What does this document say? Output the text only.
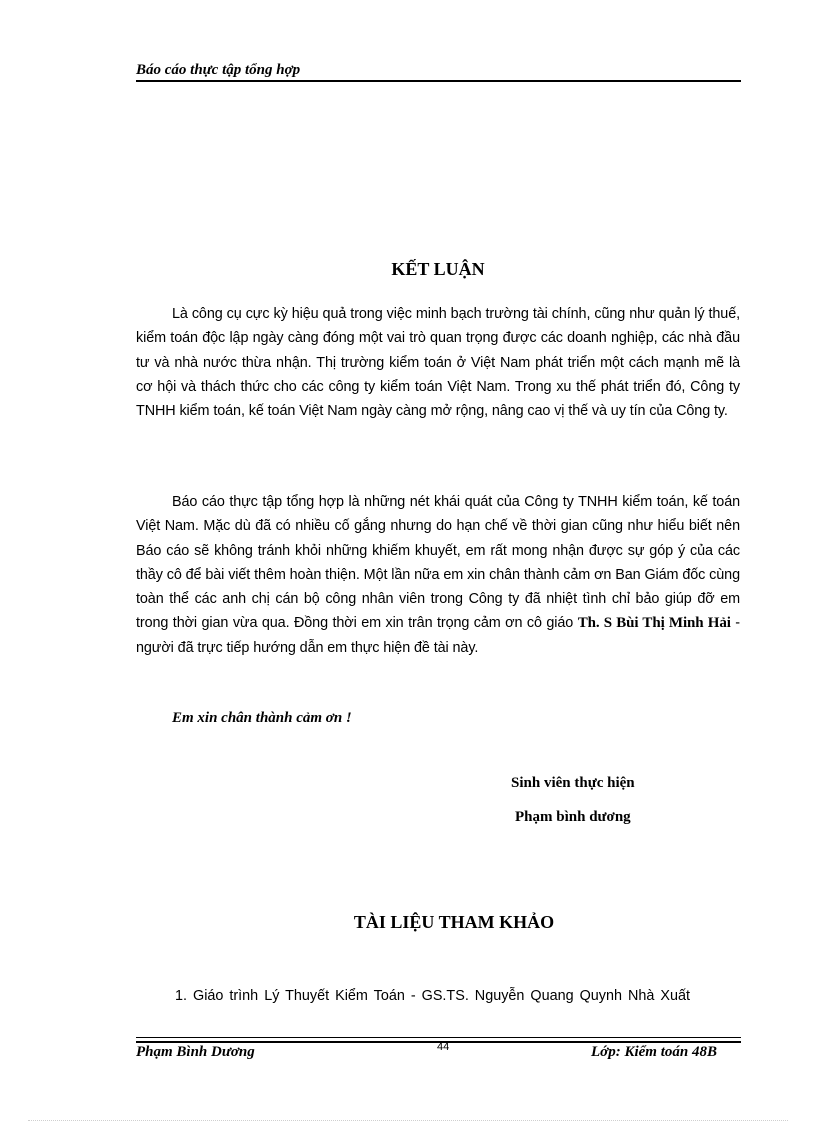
Báo cáo thực tập tổng hợp
KẾT LUẬN

Là công cụ cực kỳ hiệu quả trong việc minh bạch trường tài chính, cũng như quản lý thuế, kiểm toán độc lập ngày càng đóng một vai trò quan trọng được các doanh nghiệp, các nhà đầu tư và nhà nước thừa nhận. Thị trường kiểm toán ở Việt Nam phát triển một cách mạnh mẽ là cơ hội và thách thức cho các công ty kiểm toán Việt Nam. Trong xu thế phát triển đó, Công ty TNHH kiểm toán, kế toán Việt Nam ngày càng mở rộng, nâng cao vị thế và uy tín của Công ty.

Báo cáo thực tập tổng hợp là những nét khái quát của Công ty TNHH kiểm toán, kế toán Việt Nam. Mặc dù đã có nhiều cố gắng nhưng do hạn chế về thời gian cũng như hiểu biết nên Báo cáo sẽ không tránh khỏi những khiếm khuyết, em rất mong nhận được sự góp ý của các thầy cô để bài viết thêm hoàn thiện. Một lần nữa em xin chân thành cảm ơn Ban Giám đốc cùng toàn thể các anh chị cán bộ công nhân viên trong Công ty đã nhiệt tình chỉ bảo giúp đỡ em trong thời gian vừa qua. Đồng thời em xin trân trọng cảm ơn cô giáo Th. S Bùi Thị Minh Hải - người đã trực tiếp hướng dẫn em thực hiện đề tài này.

Em xin chân thành cảm ơn !
Sinh viên thực hiện
Phạm bình dương
TÀI LIỆU THAM KHẢO
1. Giáo trình Lý Thuyết Kiểm Toán - GS.TS. Nguyễn Quang Quynh Nhà Xuất
Phạm Bình Dương	44	Lớp: Kiểm toán 48B
